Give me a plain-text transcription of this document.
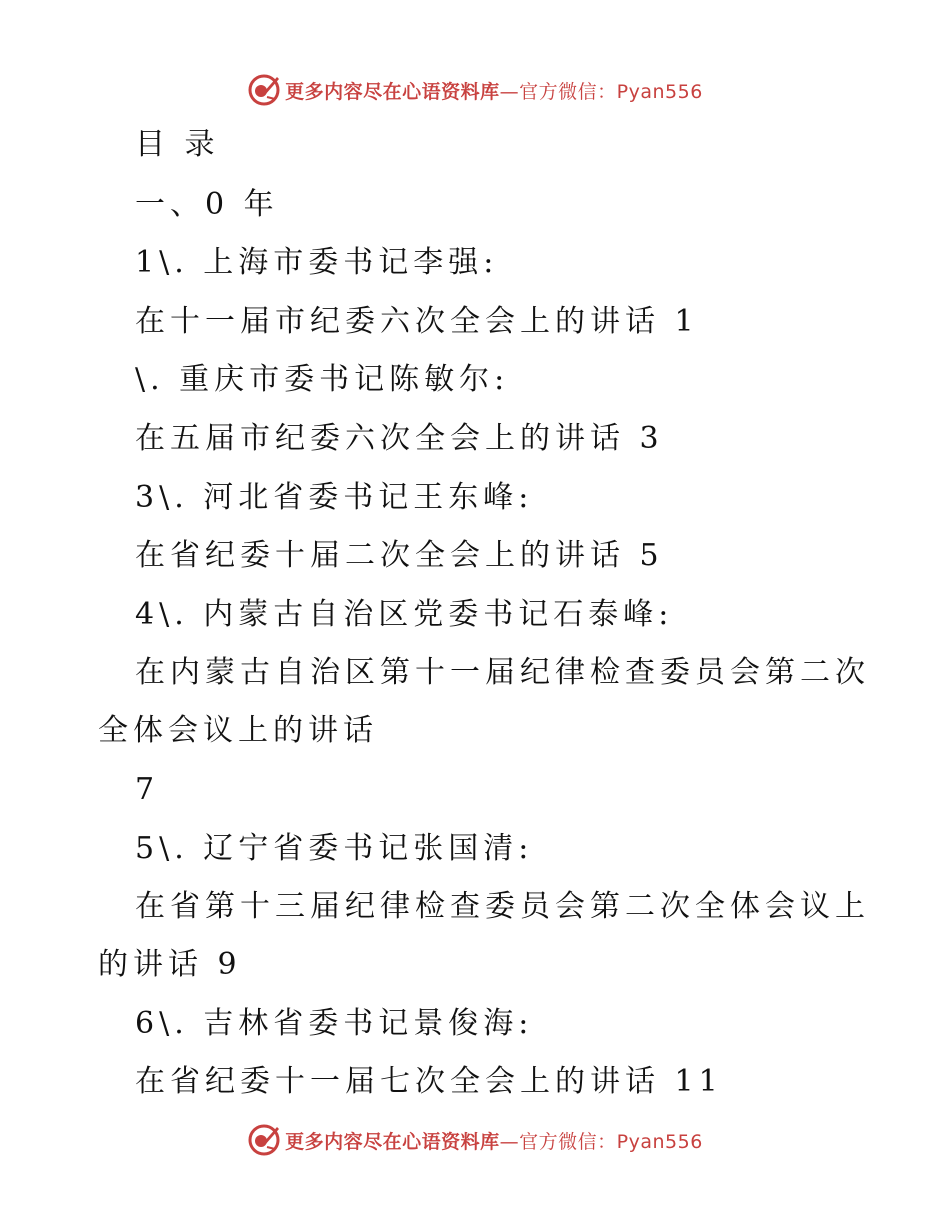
更多内容尽在心语资料库—官方微信：Pyan556
目 录
一、0 年
1\. 上海市委书记李强:
在十一届市纪委六次全会上的讲话 1
\. 重庆市委书记陈敏尔:
在五届市纪委六次全会上的讲话 3
3\. 河北省委书记王东峰:
在省纪委十届二次全会上的讲话 5
4\. 内蒙古自治区党委书记石泰峰:
在内蒙古自治区第十一届纪律检查委员会第二次
全体会议上的讲话
7
5\. 辽宁省委书记张国清:
在省第十三届纪律检查委员会第二次全体会议上
的讲话 9
6\. 吉林省委书记景俊海:
在省纪委十一届七次全会上的讲话 11
更多内容尽在心语资料库—官方微信：Pyan556
